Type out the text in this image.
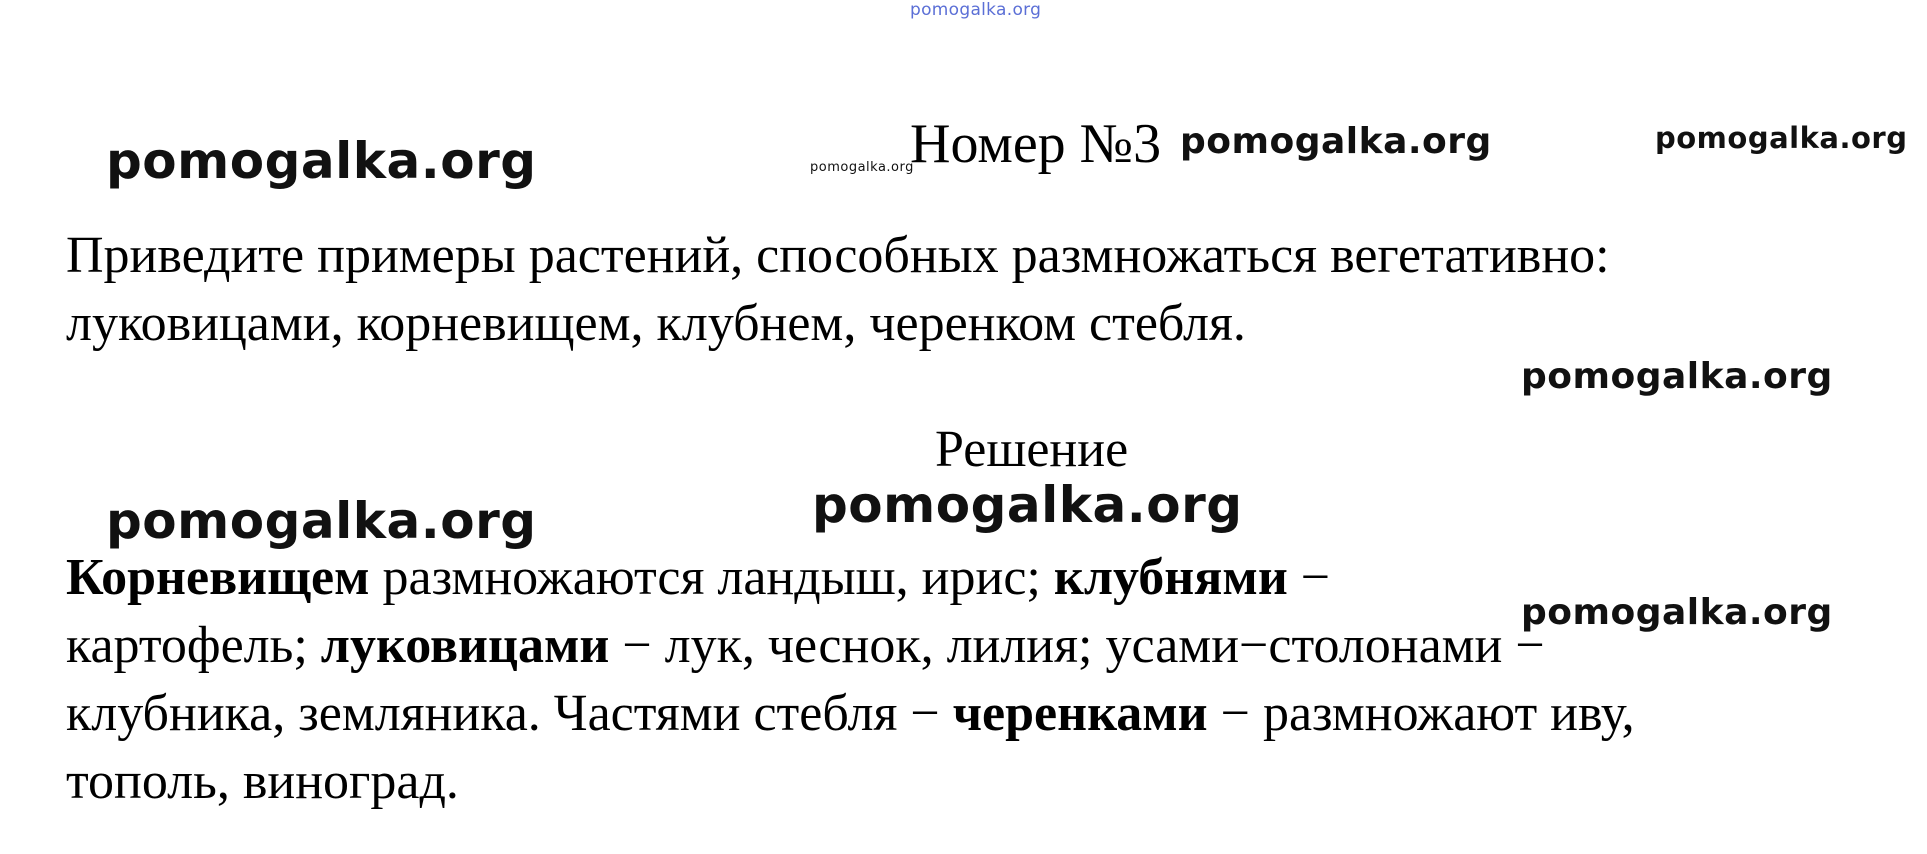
pomogalka.org
pomogalka.org	pomogalka.org
Номер №3 pomogalka.org	pomogalka.org
Приведите примеры растений, способных размножаться вегетативно:
луковицами, корневищем, клубнем, черенком стебля.
pomogalka.org
Решение
pomogalka.org	pomogalka.org
Корневищем размножаются ландыш, ирис; клубнями −
pomogalka.org
картофель; луковицами − лук, чеснок, лилия; усами−столонами −
клубника, земляника. Частями стебля − черенками − размножают иву,
тополь, виноград.
